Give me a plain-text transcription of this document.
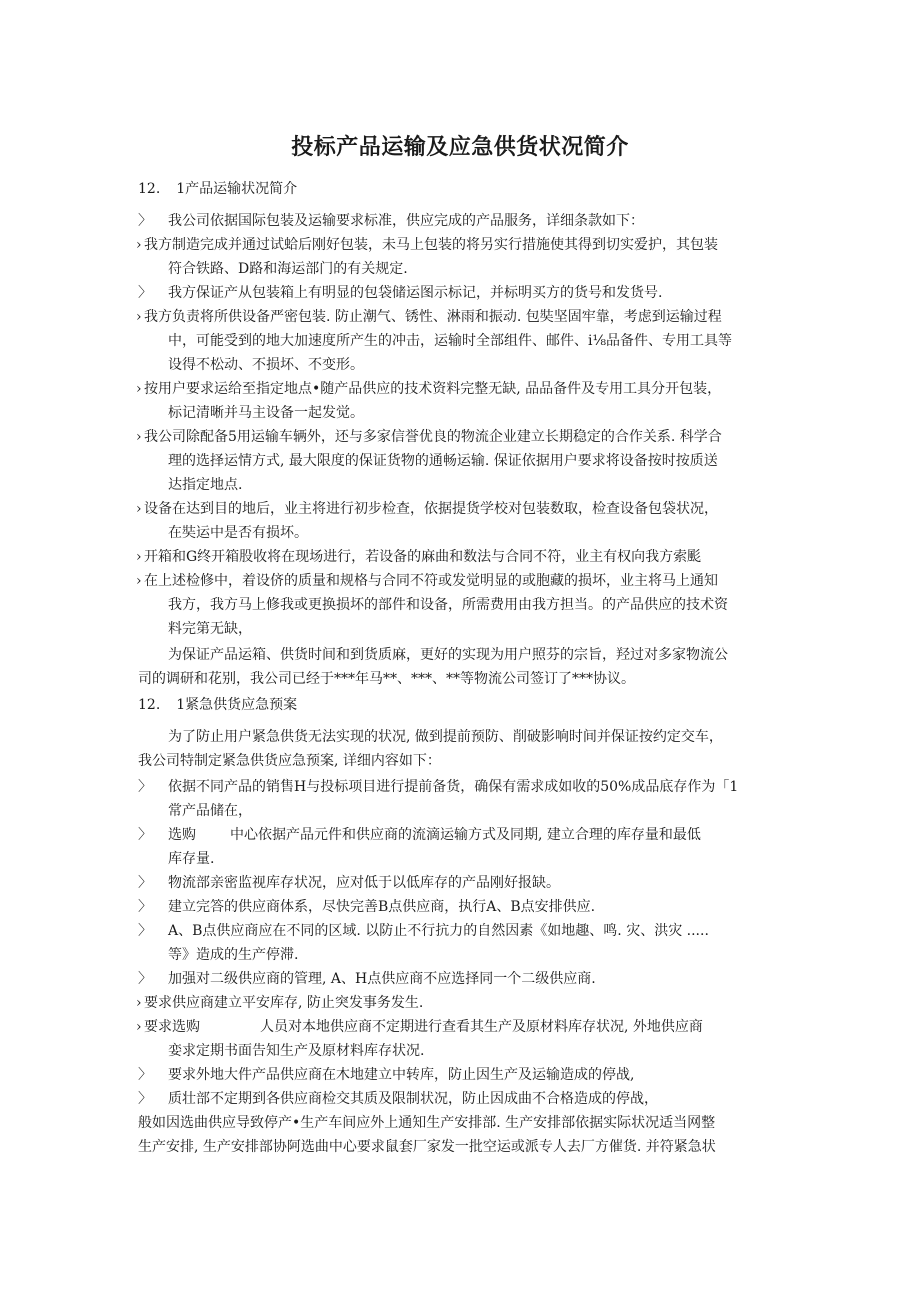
投标产品运输及应急供货状况简介
12. 1产品运输状况简介
〉 我公司依据国际包装及运输要求标准，供应完成的产品服务，详细条款如下：
› 我方制造完成并通过试蛤后刚好包装，未马上包装的将另实行措施使其得到切实爱护，其包装
符合铁路、D路和海运部门的有关规定.
〉 我方保证产从包装箱上有明显的包袋储运图示标记，并标明买方的货号和发货号.
› 我方负责将所供设备严密包装. 防止潮气、锈性、淋雨和振动. 包奘坚固牢靠，考虑到运输过程
中，可能受到的地大加速度所产生的冲击，运输时全部组件、邮件、i⅛品备件、专用工具等
设得不松动、不损坏、不变形。
› 按用户要求运给至指定地点•随产品供应的技术资料完整无缺, 品品备件及专用工具分开包装，
标记清晰并马主设备一起发觉。
› 我公司除配备5用运输车辆外，还与多家信誉优良的物流企业建立长期稳定的合作关系. 科学合
理的选择运情方式, 最大限度的保证货物的通畅运输. 保证依据用户要求将设备按时按质送
达指定地点.
› 设备在达到目的地后，业主将进行初步检查，依据提货学校对包装数取，检查设备包袋状况，
在奘运中是否有损坏。
› 开箱和G终开箱股收将在现场进行，若设备的麻曲和数法与合同不符，业主有权向我方索颩
› 在上述检修中，着设侪的质量和规格与合同不符或发觉明显的或胞藏的损坏，业主将马上通知
我方，我方马上修我或更换损坏的部件和设备，所需费用由我方担当。的产品供应的技术资
料完第无缺，
为保证产品运箱、供货时间和到货质麻，更好的实现为用户照芬的宗旨，羟过对多家物流公
司的调研和花别，我公司已经于***年马**、***、**等物流公司签订了***协议。
12. 1紧急供货应急预案
为了防止用户紧急供货无法实现的状况, 做到提前预防、削破影响时间并保证按约定交车，
我公司特制定紧急供货应急预案, 详细内容如下：
〉 依据不同产品的销售H与投标项目进行提前备货，确保有需求成如收的50%成品底存作为「1
常产品储在，
〉 选购 中心依据产品元件和供应商的流滴运输方式及同期, 建立合理的库存量和最低
库存量.
〉 物流部亲密监视库存状况，应对低于以低库存的产品刚好报缺。
〉 建立完答的供应商体系，尽快完善B点供应商，执行A、B点安排供应.
〉 A、B点供应商应在不同的区域. 以防止不行抗力的自然因素《如地趣、鸣. 灾、洪灾 .....
等》造成的生产停滞.
〉 加强对二级供应商的管理, A、H点供应商不应选择同一个二级供应商.
› 要求供应商建立平安库存, 防止突发事务发生.
› 要求选购	人员对本地供应商不定期进行查看其生产及原材料库存状况, 外地供应商
娈求定期书面告知生产及原材料库存状况.
〉 要求外地大件产品供应商在木地建立中转库，防止因生产及运输造成的停战,
〉 质壮部不定期到各供应商检交其质及限制状况，防止因成曲不合格造成的停战，
般如因选曲供应导致停产•生产车间应外上通知生产安排部. 生产安排部依据实际状况适当网整
生产安排, 生产安排部协阿选曲中心要求鼠套厂家发一批空运或派专人去厂方催货. 并符紧急状
